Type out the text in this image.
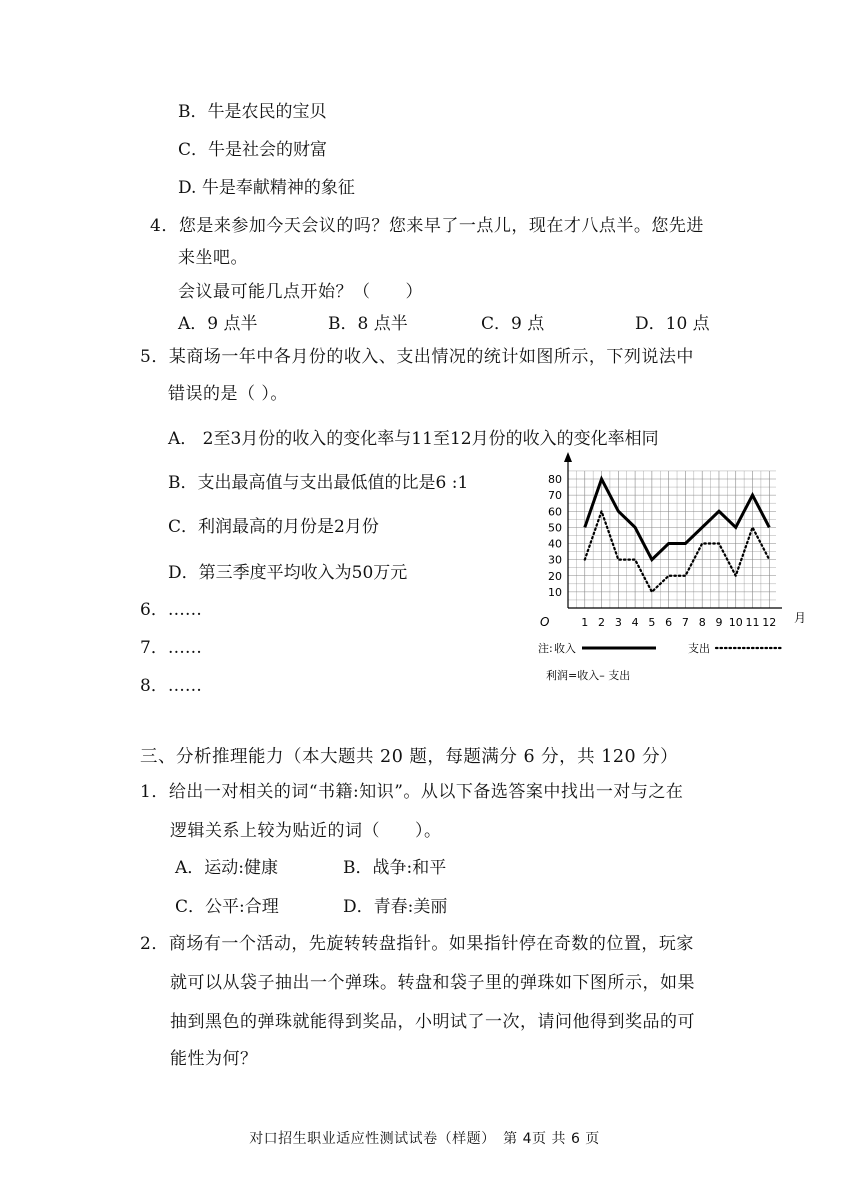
B．牛是农民的宝贝
C．牛是社会的财富
D. 牛是奉献精神的象征
4．您是来参加今天会议的吗？您来早了一点儿，现在才八点半。您先进
来坐吧。
会议最可能几点开始？（　　）
A．9 点半	B．8 点半	C．9 点	D．10 点
5．某商场一年中各月份的收入、支出情况的统计如图所示，下列说法中
错误的是（ ）。
A． 2至3月份的收入的变化率与11至12月份的收入的变化率相同
B．支出最高值与支出最低值的比是6 :1
C．利润最高的月份是2月份
D．第三季度平均收入为50万元
6．……
7．……
8．……
10
20
30
40
50
60
70
80
1 2 3 4 5 6 7 8 9 10 11 12
O	月
注: 收入	支出
利润=收入– 支出
三、分析推理能力（本大题共 20 题，每题满分 6 分，共 120 分）
1．给出一对相关的词“书籍:知识”。从以下备选答案中找出一对与之在
逻辑关系上较为贴近的词（　　）。
A．运动:健康	B．战争:和平
C．公平:合理	D．青春:美丽
2．商场有一个活动，先旋转转盘指针。如果指针停在奇数的位置，玩家
就可以从袋子抽出一个弹珠。转盘和袋子里的弹珠如下图所示，如果
抽到黑色的弹珠就能得到奖品，小明试了一次，请问他得到奖品的可
能性为何？
对口招生职业适应性测试试卷（样题）　第 4页 共 6 页
